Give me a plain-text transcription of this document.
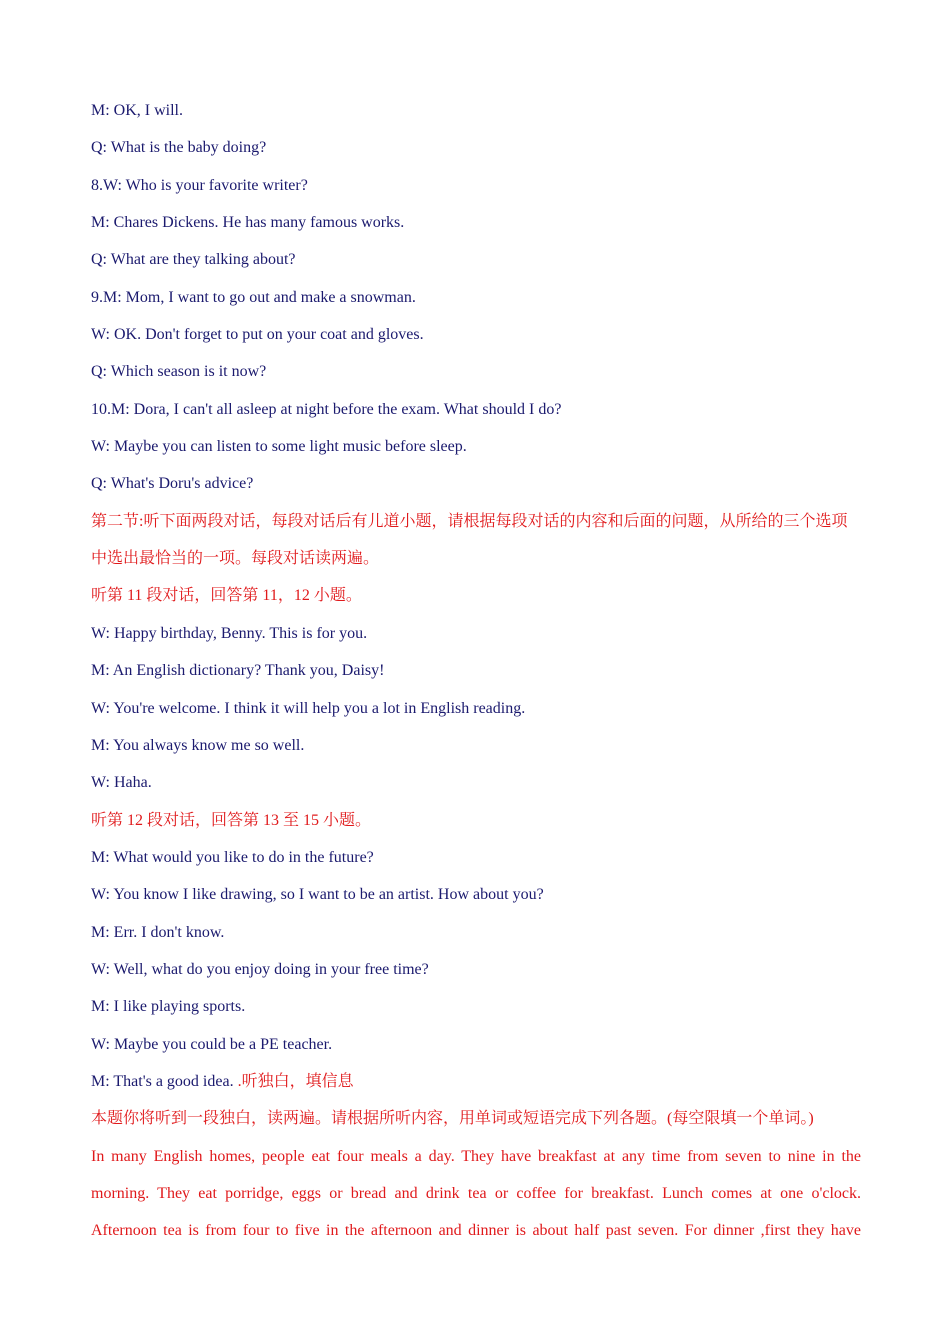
M: OK, I will.
Q: What is the baby doing?
8.W: Who is your favorite writer?
M: Chares Dickens. He has many famous works.
Q: What are they talking about?
9.M: Mom, I want to go out and make a snowman.
W: OK. Don't forget to put on your coat and gloves.
Q: Which season is it now?
10.M: Dora, I can't all asleep at night before the exam. What should I do?
W: Maybe you can listen to some light music before sleep.
Q: What's Doru's advice?
第二节:听下面两段对话，每段对话后有儿道小题，请根据每段对话的内容和后面的问题，从所给的三个选项中选出最恰当的一项。每段对话读两遍。
听第 11 段对话，回答第 11，12 小题。
W: Happy birthday, Benny. This is for you.
M: An English dictionary? Thank you, Daisy!
W: You're welcome. I think it will help you a lot in English reading.
M: You always know me so well.
W: Haha.
听第 12 段对话，回答第 13 至 15 小题。
M: What would you like to do in the future?
W: You know I like drawing, so I want to be an artist. How about you?
M: Err. I don't know.
W: Well, what do you enjoy doing in your free time?
M: I like playing sports.
W: Maybe you could be a PE teacher.
M: That's a good idea. .听独白，填信息
本题你将听到一段独白，读两遍。请根据所听内容，用单词或短语完成下列各题。(每空限填一个单词。)
In many English homes, people eat four meals a day. They have breakfast at any time from seven to nine in the
morning. They eat porridge, eggs or bread and drink tea or coffee for breakfast. Lunch comes at one o'clock.
Afternoon tea is from four to five in the afternoon and dinner is about half past seven. For dinner ,first they have
